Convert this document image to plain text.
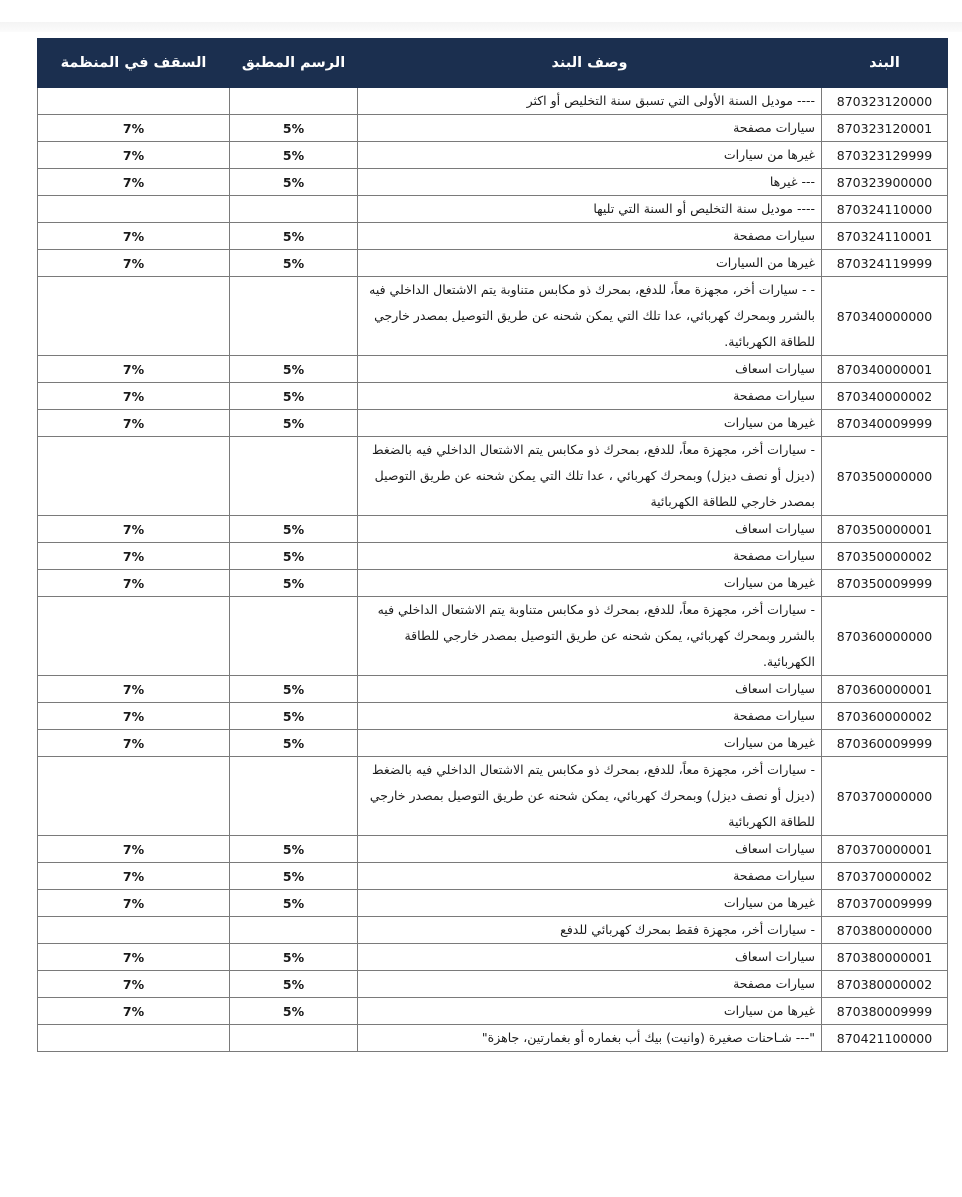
البند	وصف البند	الرسم المطبق	السقف في المنظمة
870323120000	---- موديل السنة الأولى التي تسبق سنة التخليص أو اكثر		
870323120001	سيارات مصفحة	5%	7%
870323129999	غيرها من سيارات	5%	7%
870323900000	--- غيرها	5%	7%
870324110000	---- موديل سنة التخليص أو السنة التي تليها		
870324110001	سيارات مصفحة	5%	7%
870324119999	غيرها من السيارات	5%	7%
870340000000	- - سيارات أخر، مجهزة معاً، للدفع، بمحرك ذو مكابس متناوبة يتم الاشتعال الداخلي فيه بالشرر وبمحرك كهربائي، عدا تلك التي يمكن شحنه عن طريق التوصيل بمصدر خارجي للطاقة الكهربائية.		
870340000001	سيارات اسعاف	5%	7%
870340000002	سيارات مصفحة	5%	7%
870340009999	غيرها من سيارات	5%	7%
870350000000	- سيارات أخر، مجهزة معاً، للدفع، بمحرك ذو مكابس يتم الاشتعال الداخلي فيه بالضغط (ديزل أو نصف ديزل) وبمحرك كهربائي ، عدا تلك التي يمكن شحنه عن طريق التوصيل بمصدر خارجي للطاقة الكهربائية		
870350000001	سيارات اسعاف	5%	7%
870350000002	سيارات مصفحة	5%	7%
870350009999	غيرها من سيارات	5%	7%
870360000000	- سيارات أخر، مجهزة معاً، للدفع، بمحرك ذو مكابس متناوبة يتم الاشتعال الداخلي فيه بالشرر وبمحرك كهربائي، يمكن شحنه عن طريق التوصيل بمصدر خارجي للطاقة الكهربائية.		
870360000001	سيارات اسعاف	5%	7%
870360000002	سيارات مصفحة	5%	7%
870360009999	غيرها من سيارات	5%	7%
870370000000	- سيارات أخر، مجهزة معاً، للدفع، بمحرك ذو مكابس يتم الاشتعال الداخلي فيه بالضغط (ديزل أو نصف ديزل) وبمحرك كهربائي، يمكن شحنه عن طريق التوصيل بمصدر خارجي للطاقة الكهربائية		
870370000001	سيارات اسعاف	5%	7%
870370000002	سيارات مصفحة	5%	7%
870370009999	غيرها من سيارات	5%	7%
870380000000	- سيارات أخر، مجهزة فقط بمحرك كهربائي للدفع		
870380000001	سيارات اسعاف	5%	7%
870380000002	سيارات مصفحة	5%	7%
870380009999	غيرها من سيارات	5%	7%
870421100000	"--- شـاحنات صغيرة (وانيت) بيك أب بغماره أو بغمارتين، جاهزة"		
